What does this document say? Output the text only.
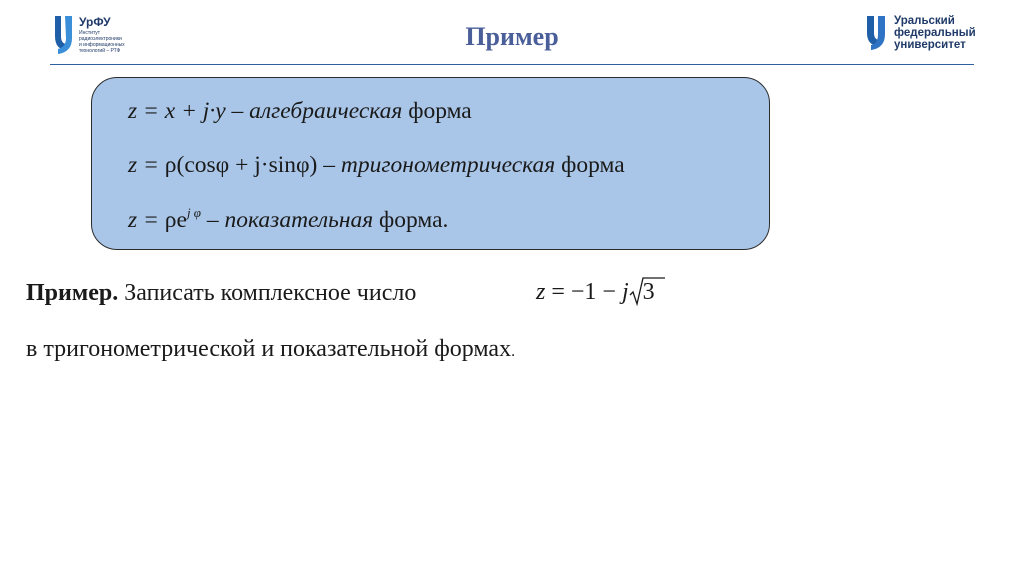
УрФУ
Институт
радиоэлектроники
и информационных
технологий – РТФ	Пример
Уральский
федеральный
университет
z = x + j·y – алгебраическая форма
z = ρ(cosφ + j·sinφ) – тригонометрическая форма
$z = \rho e^{j \varphi}$ – показательная форма.
Пример. Записать комплексное число	z = −1 − j 3
в тригонометрической и показательной формах.
